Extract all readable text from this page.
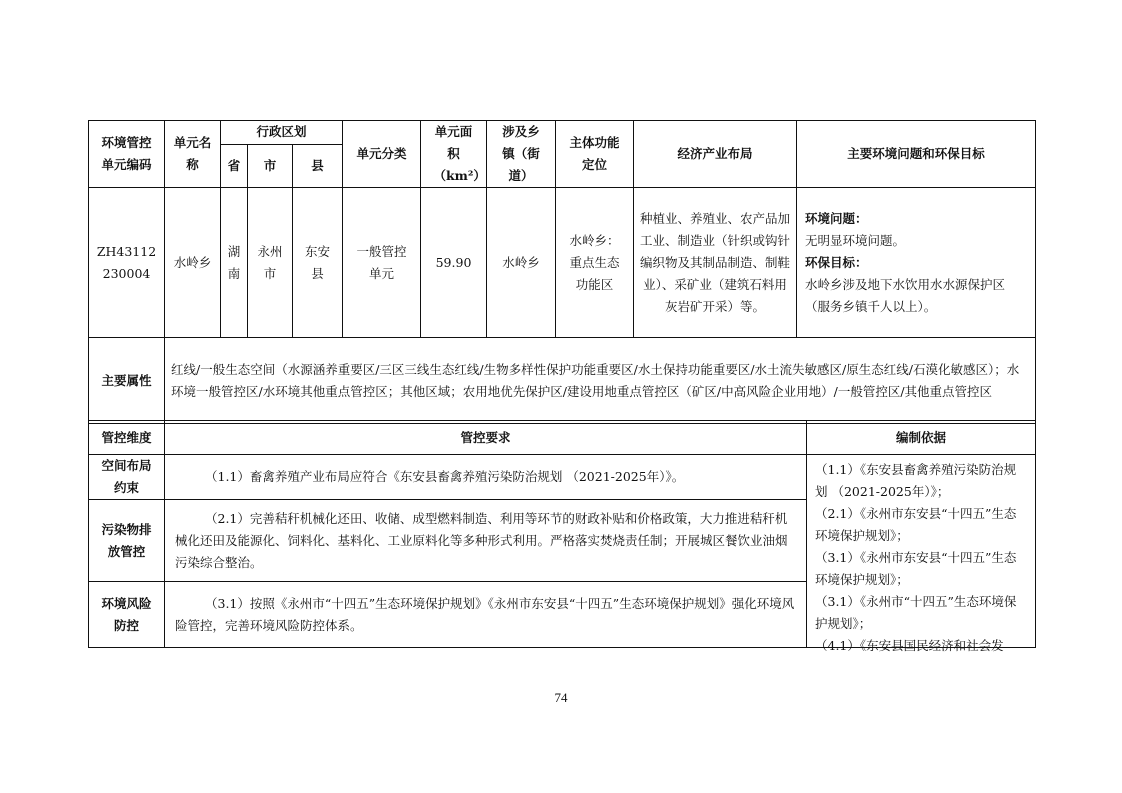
环境管控单元编码	单元名称	行政区划			单元分类	单元面积（km²）	涉及乡镇（街道）	主体功能定位	经济产业布局	主要环境问题和环保目标
		省	市	县						

ZH43112230004	水岭乡	湖南	永州市	东安县	一般管控单元	59.90	水岭乡	水岭乡：重点生态功能区	种植业、养殖业、农产品加工业、制造业（针织或钩针编织物及其制品制造、制鞋业）、采矿业（建筑石料用灰岩矿开采）等。	环境问题：
无明显环境问题。
环保目标：
水岭乡涉及地下水饮用水水源保护区（服务乡镇千人以上）。

主要属性	红线/一般生态空间（水源涵养重要区/三区三线生态红线/生物多样性保护功能重要区/水土保持功能重要区/水土流失敏感区/原生态红线/石漠化敏感区）；水环境一般管控区/水环境其他重点管控区；其他区域；农用地优先保护区/建设用地重点管控区（矿区/中高风险企业用地）/一般管控区/其他重点管控区									
管控维度	管控要求	编制依据

空间布局约束	（1.1）畜禽养殖产业布局应符合《东安县畜禽养殖污染防治规划 （2021-2025年）》。	（1.1）《东安县畜禽养殖污染防治规划 （2021-2025年）》；
（2.1）《永州市东安县“十四五”生态环境保护规划》；
（3.1）《永州市东安县“十四五”生态环境保护规划》；
（3.1）《永州市“十四五”生态环境保护规划》；
（4.1）《东安县国民经济和社会发

污染物排放管控	（2.1）完善秸秆机械化还田、收储、成型燃料制造、利用等环节的财政补贴和价格政策，大力推进秸秆机械化还田及能源化、饲料化、基料化、工业原料化等多种形式利用。严格落实焚烧责任制；开展城区餐饮业油烟污染综合整治。	

环境风险防控	（3.1）按照《永州市“十四五”生态环境保护规划》《永州市东安县“十四五”生态环境保护规划》强化环境风险管控，完善环境风险防控体系。	
74
